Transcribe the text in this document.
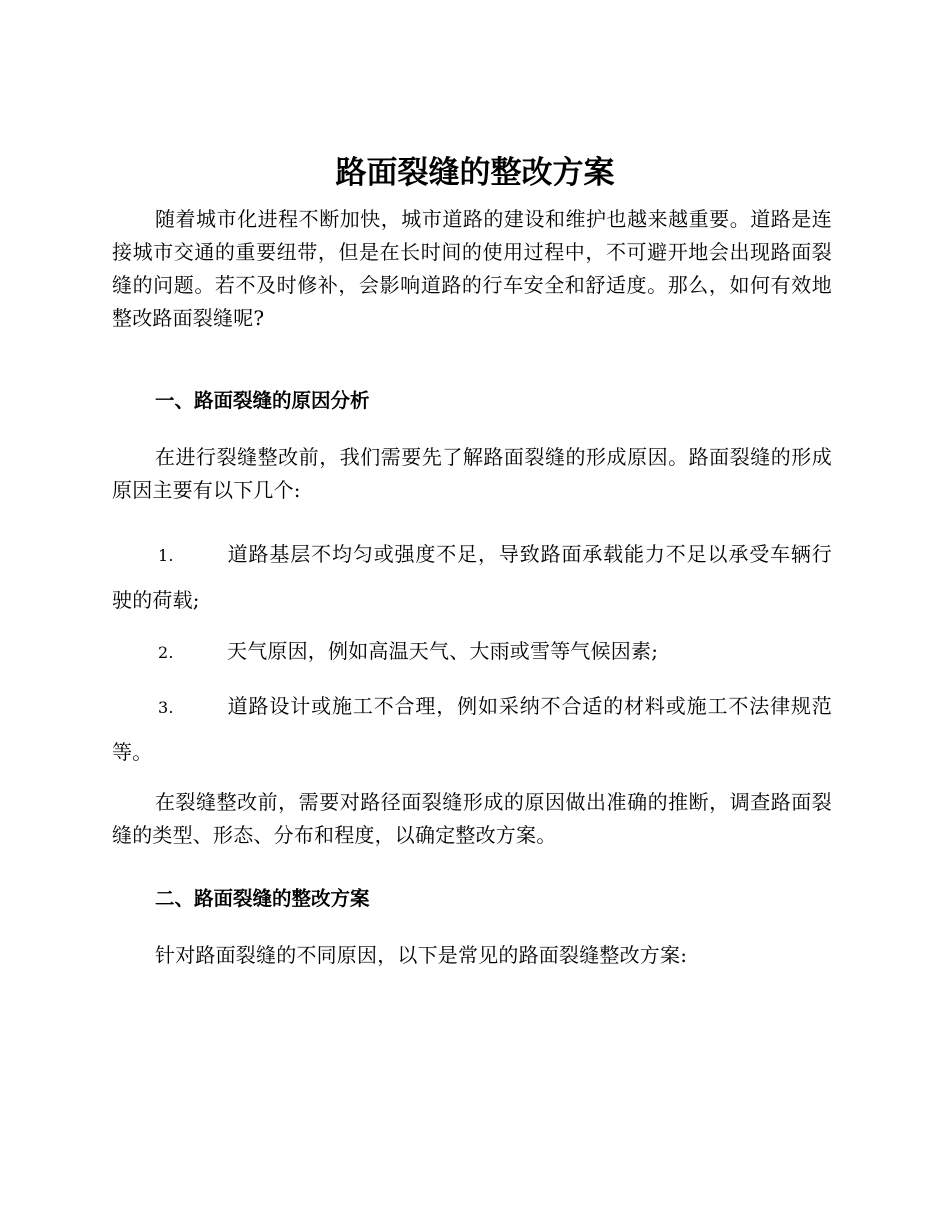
路面裂缝的整改方案

随着城市化进程不断加快，城市道路的建设和维护也越来越重要。道路是连接城市交通的重要纽带，但是在长时间的使用过程中，不可避开地会出现路面裂缝的问题。若不及时修补，会影响道路的行车安全和舒适度。那么，如何有效地整改路面裂缝呢?

一、路面裂缝的原因分析

在进行裂缝整改前，我们需要先了解路面裂缝的形成原因。路面裂缝的形成原因主要有以下几个:

1.	道路基层不均匀或强度不足，导致路面承载能力不足以承受车辆行驶的荷载;

2.	天气原因，例如高温天气、大雨或雪等气候因素;

3.	道路设计或施工不合理，例如采纳不合适的材料或施工不法律规范等。

在裂缝整改前，需要对路径面裂缝形成的原因做出准确的推断，调查路面裂缝的类型、形态、分布和程度，以确定整改方案。

二、路面裂缝的整改方案

针对路面裂缝的不同原因，以下是常见的路面裂缝整改方案:
